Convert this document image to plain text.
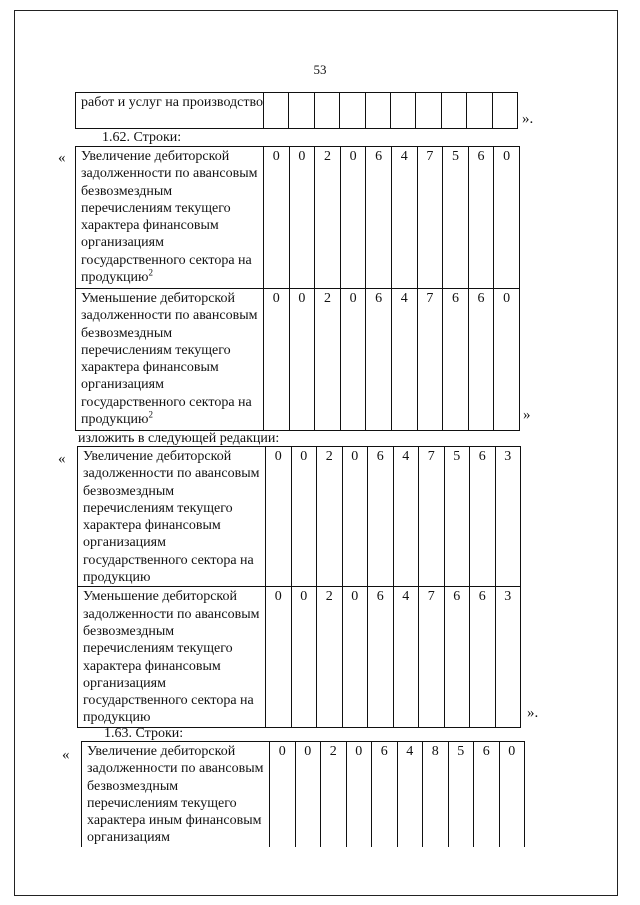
53
работ и услуг на производство										
».
1.62. Строки:
« Увеличение дебиторской задолженности по авансовым безвозмездным перечислениям текущего характера финансовым организациям государственного сектора на продукцию$^2$	0	0	2	0	6	4	7	5	6	0
Уменьшение дебиторской задолженности по авансовым безвозмездным перечислениям текущего характера финансовым организациям государственного сектора на продукцию$^2$	0	0	2	0	6	4	7	6	6	0
»
изложить в следующей редакции:
« Увеличение дебиторской задолженности по авансовым безвозмездным перечислениям текущего характера финансовым организациям государственного сектора на продукцию	0	0	2	0	6	4	7	5	6	3
Уменьшение дебиторской задолженности по авансовым безвозмездным перечислениям текущего характера финансовым организациям государственного сектора на продукцию	0	0	2	0	6	4	7	6	6	3
».
1.63. Строки:
« Увеличение дебиторской задолженности по авансовым безвозмездным перечислениям текущего характера иным финансовым организациям	0	0	2	0	6	4	8	5	6	0
